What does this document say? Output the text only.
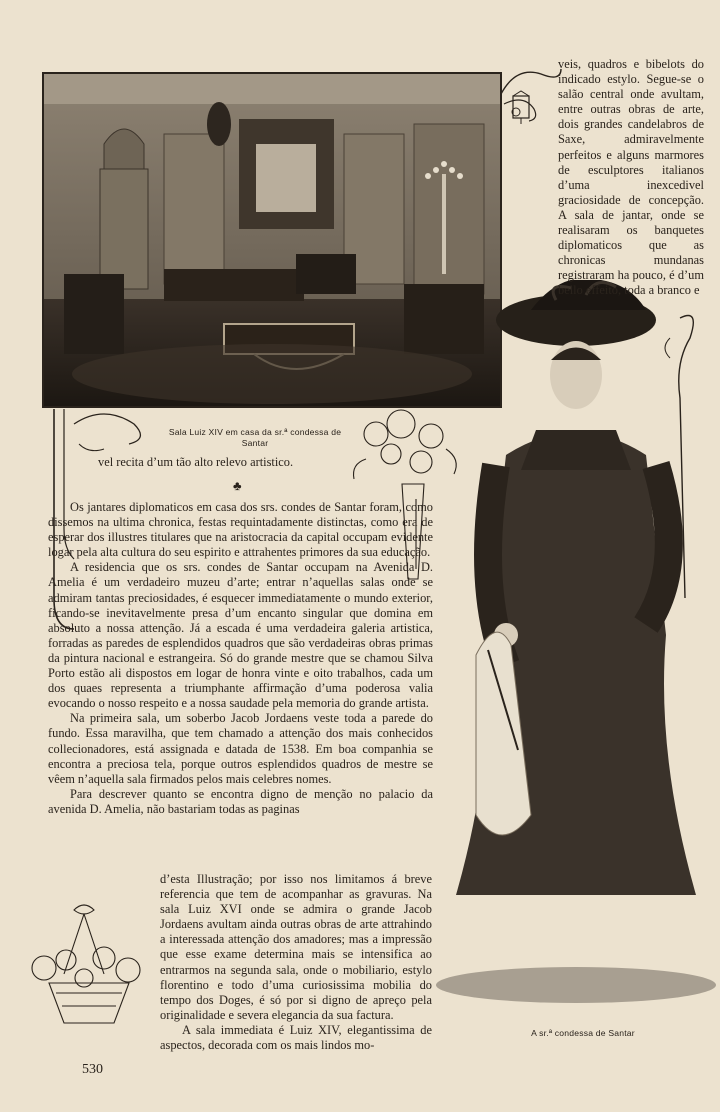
Sala Luiz XIV em casa da sr.ª condessa de Santar
A sr.ª condessa de Santar
veis, quadros e bibelots do indicado estylo. Segue-se o salão central onde avultam, entre outras obras de arte, dois grandes candelabros de Saxe, admiravelmente perfeitos e alguns marmores de esculptores italianos d’uma inexcedivel graciosidade de concepção. A sala de jantar, onde se realisaram os banquetes diplomaticos que as chronicas mundanas registraram ha pouco, é d’um bello effeito, toda a branco e
vel recita d’um tão alto relevo artistico.
♣

Os jantares diplomaticos em casa dos srs. condes de Santar foram, como dissemos na ultima chronica, festas requintadamente distinctas, como era de esperar dos illustres titulares que na aristocracia da capital occupam evidente logar pela alta cultura do seu espirito e attrahentes primores da sua educação.

A residencia que os srs. condes de Santar occupam na Avenida D. Amelia é um verdadeiro muzeu d’arte; entrar n’aquellas salas onde se admiram tantas preciosidades, é esquecer immediatamente o mundo exterior, ficando-se inevitavelmente presa d’um encanto singular que domina em absoluto a nossa attenção. Já a escada é uma verdadeira galeria artistica, forradas as paredes de esplendidos quadros que são verdadeiras obras primas da pintura nacional e estrangeira. Só do grande mestre que se chamou Silva Porto estão ali dispostos em logar de honra vinte e oito trabalhos, cada um dos quaes representa a triumphante affirmação d’uma poderosa valia evocando o nosso respeito e a nossa saudade pela memoria do grande artista.

Na primeira sala, um soberbo Jacob Jordaens veste toda a parede do fundo. Essa maravilha, que tem chamado a attenção dos mais conhecidos collecionadores, está assignada e datada de 1538. Em boa companhia se encontra a preciosa tela, porque outros esplendidos quadros de mestre se vêem n’aquella sala firmados pelos mais celebres nomes.

Para descrever quanto se encontra digno de menção no palacio da avenida D. Amelia, não bastariam todas as paginas

d’esta Illustração; por isso nos limitamos á breve referencia que tem de acompanhar as gravuras. Na sala Luiz XVI onde se admira o grande Jacob Jordaens avultam ainda outras obras de arte attrahindo a interessada attenção dos amadores; mas a impressão que esse exame determina mais se intensifica ao entrarmos na segunda sala, onde o mobiliario, estylo florentino e todo d’uma curiosissima mobilia do tempo dos Doges, é só por si digno de apreço pela originalidade e severa elegancia da sua factura.

A sala immediata é Luiz XIV, elegantissima de aspectos, decorada com os mais lindos mo-

530
